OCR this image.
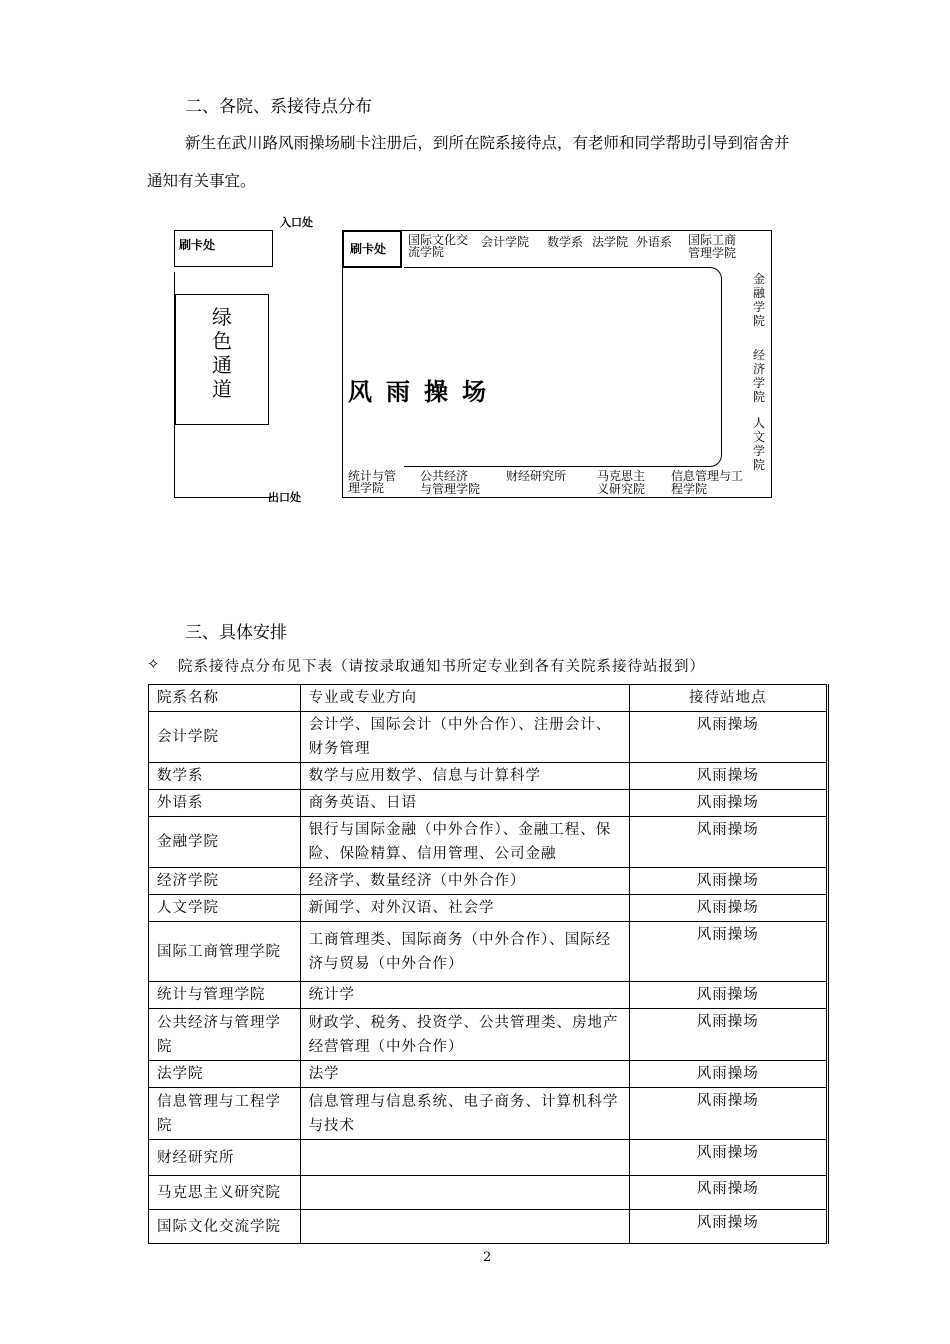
二、各院、系接待点分布
新生在武川路风雨操场刷卡注册后，到所在院系接待点，有老师和同学帮助引导到宿舍并
通知有关事宜。
入口处
刷卡处
绿色通道
出口处
刷卡处
国际文化交
流学院
会计学院 数学系 法学院 外语系 国际工商
管理学院
金融学院
经济学院
人文学院
风雨操场
统计与管
理学院
公共经济
与管理学院
财经研究所	马克思主
义研究院
信息管理与工
程学院
三、具体安排
✧ 院系接待点分布见下表（请按录取通知书所定专业到各有关院系接待站报到）
院系名称	专业或专业方向	接待站地点
会计学院	会计学、国际会计（中外合作）、注册会计、财务管理	风雨操场
数学系	数学与应用数学、信息与计算科学	风雨操场
外语系	商务英语、日语	风雨操场
金融学院	银行与国际金融（中外合作）、金融工程、保险、保险精算、信用管理、公司金融	风雨操场
经济学院	经济学、数量经济（中外合作）	风雨操场
人文学院	新闻学、对外汉语、社会学	风雨操场
国际工商管理学院	工商管理类、国际商务（中外合作）、国际经济与贸易（中外合作）	风雨操场
统计与管理学院	统计学	风雨操场
公共经济与管理学院	财政学、税务、投资学、公共管理类、房地产经营管理（中外合作）	风雨操场
法学院	法学	风雨操场
信息管理与工程学院	信息管理与信息系统、电子商务、计算机科学与技术	风雨操场
财经研究所		风雨操场
马克思主义研究院		风雨操场
国际文化交流学院		风雨操场
2
